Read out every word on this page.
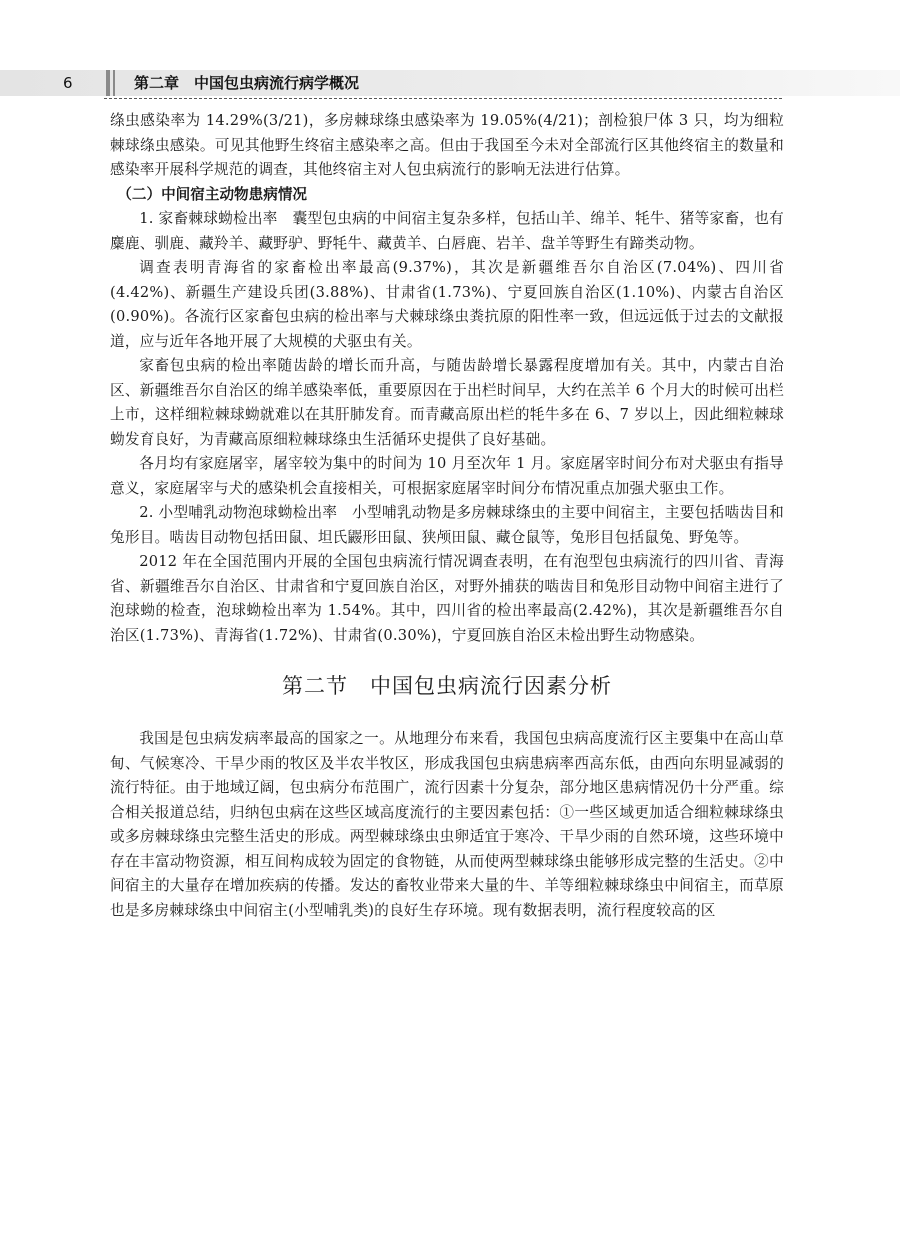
6	第二章　中国包虫病流行病学概况

绦虫感染率为 14.29%(3/21)，多房棘球绦虫感染率为 19.05%(4/21)；剖检狼尸体 3 只，均为细粒棘球绦虫感染。可见其他野生终宿主感染率之高。但由于我国至今未对全部流行区其他终宿主的数量和感染率开展科学规范的调查，其他终宿主对人包虫病流行的影响无法进行估算。

（二）中间宿主动物患病情况

1. 家畜棘球蚴检出率　囊型包虫病的中间宿主复杂多样，包括山羊、绵羊、牦牛、猪等家畜，也有麋鹿、驯鹿、藏羚羊、藏野驴、野牦牛、藏黄羊、白唇鹿、岩羊、盘羊等野生有蹄类动物。

调查表明青海省的家畜检出率最高(9.37%)，其次是新疆维吾尔自治区(7.04%)、四川省(4.42%)、新疆生产建设兵团(3.88%)、甘肃省(1.73%)、宁夏回族自治区(1.10%)、内蒙古自治区(0.90%)。各流行区家畜包虫病的检出率与犬棘球绦虫粪抗原的阳性率一致，但远远低于过去的文献报道，应与近年各地开展了大规模的犬驱虫有关。

家畜包虫病的检出率随齿龄的增长而升高，与随齿龄增长暴露程度增加有关。其中，内蒙古自治区、新疆维吾尔自治区的绵羊感染率低，重要原因在于出栏时间早，大约在羔羊 6 个月大的时候可出栏上市，这样细粒棘球蚴就难以在其肝肺发育。而青藏高原出栏的牦牛多在 6、7 岁以上，因此细粒棘球蚴发育良好，为青藏高原细粒棘球绦虫生活循环史提供了良好基础。

各月均有家庭屠宰，屠宰较为集中的时间为 10 月至次年 1 月。家庭屠宰时间分布对犬驱虫有指导意义，家庭屠宰与犬的感染机会直接相关，可根据家庭屠宰时间分布情况重点加强犬驱虫工作。

2. 小型哺乳动物泡球蚴检出率　小型哺乳动物是多房棘球绦虫的主要中间宿主，主要包括啮齿目和兔形目。啮齿目动物包括田鼠、坦氏鼹形田鼠、狭颅田鼠、藏仓鼠等，兔形目包括鼠兔、野兔等。

2012 年在全国范围内开展的全国包虫病流行情况调查表明，在有泡型包虫病流行的四川省、青海省、新疆维吾尔自治区、甘肃省和宁夏回族自治区，对野外捕获的啮齿目和兔形目动物中间宿主进行了泡球蚴的检查，泡球蚴检出率为 1.54%。其中，四川省的检出率最高(2.42%)，其次是新疆维吾尔自治区(1.73%)、青海省(1.72%)、甘肃省(0.30%)，宁夏回族自治区未检出野生动物感染。

第二节　中国包虫病流行因素分析

我国是包虫病发病率最高的国家之一。从地理分布来看，我国包虫病高度流行区主要集中在高山草甸、气候寒冷、干旱少雨的牧区及半农半牧区，形成我国包虫病患病率西高东低，由西向东明显减弱的流行特征。由于地域辽阔，包虫病分布范围广，流行因素十分复杂，部分地区患病情况仍十分严重。综合相关报道总结，归纳包虫病在这些区域高度流行的主要因素包括：①一些区域更加适合细粒棘球绦虫或多房棘球绦虫完整生活史的形成。两型棘球绦虫虫卵适宜于寒冷、干旱少雨的自然环境，这些环境中存在丰富动物资源，相互间构成较为固定的食物链，从而使两型棘球绦虫能够形成完整的生活史。②中间宿主的大量存在增加疾病的传播。发达的畜牧业带来大量的牛、羊等细粒棘球绦虫中间宿主，而草原也是多房棘球绦虫中间宿主(小型哺乳类)的良好生存环境。现有数据表明，流行程度较高的区
